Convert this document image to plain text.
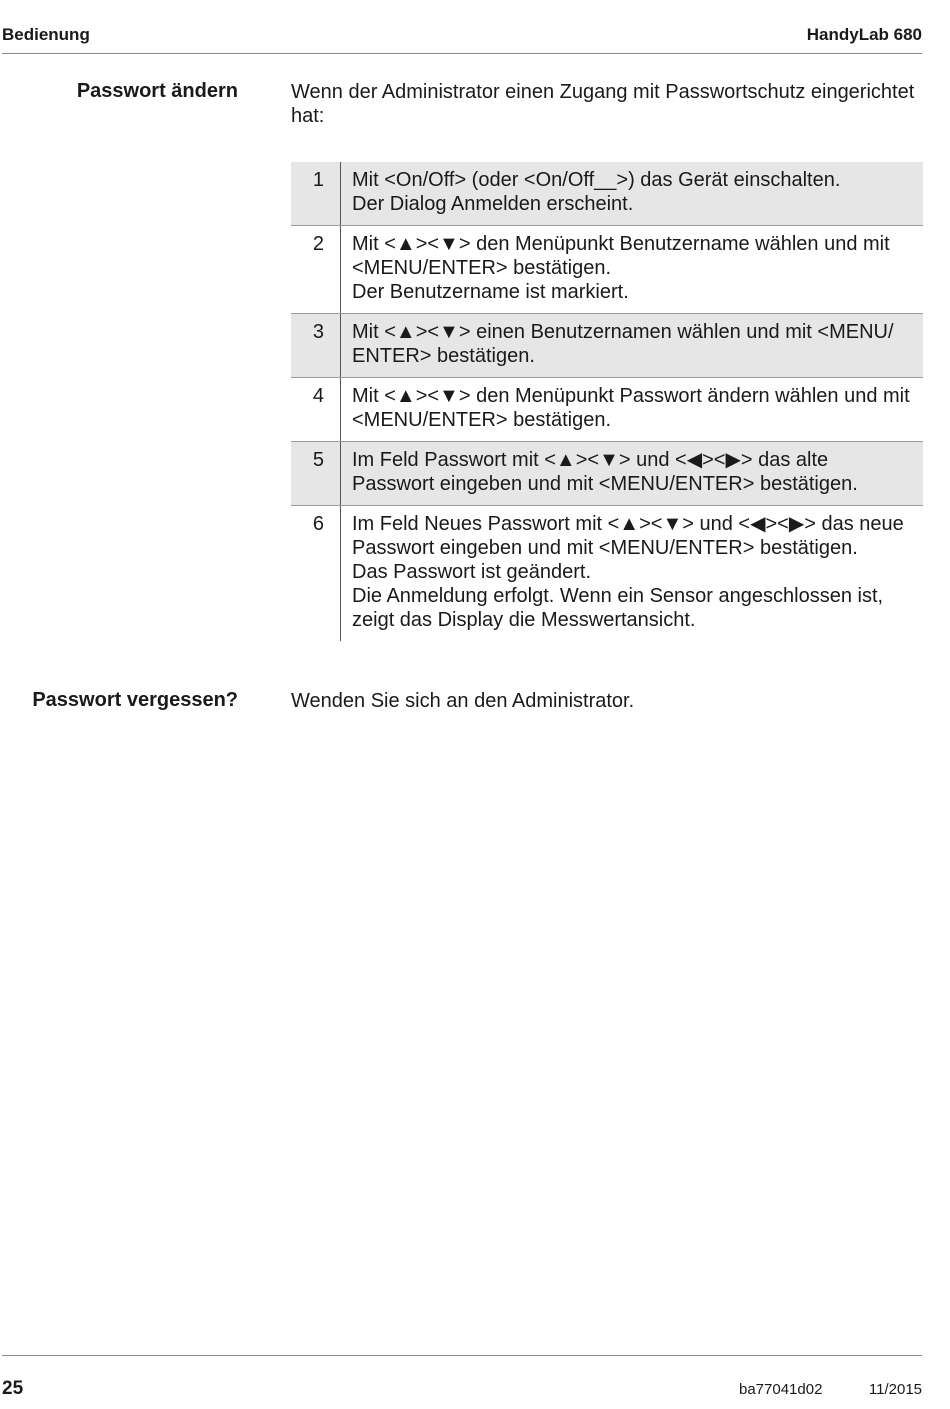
Bedienung	HandyLab 680
Passwort ändern	Wenn der Administrator einen Zugang mit Passwortschutz eingerichtet hat:
1	Mit <On/Off> (oder <On/Off__>) das Gerät einschalten.
Der Dialog Anmelden erscheint.
2	Mit <▲><▼> den Menüpunkt Benutzername wählen und mit <MENU/ENTER> bestätigen.
Der Benutzername ist markiert.
3	Mit <▲><▼> einen Benutzernamen wählen und mit <MENU/ ENTER> bestätigen.
4	Mit <▲><▼> den Menüpunkt Passwort ändern wählen und mit <MENU/ENTER> bestätigen.
5	Im Feld Passwort mit <▲><▼> und <◀><▶> das alte Passwort eingeben und mit <MENU/ENTER> bestätigen.
6	Im Feld Neues Passwort mit <▲><▼> und <◀><▶> das neue Passwort eingeben und mit <MENU/ENTER> bestätigen.
Das Passwort ist geändert.
Die Anmeldung erfolgt. Wenn ein Sensor angeschlossen ist, zeigt das Display die Messwertansicht.
Passwort vergessen?	Wenden Sie sich an den Administrator.
25	ba77041d02	11/2015
